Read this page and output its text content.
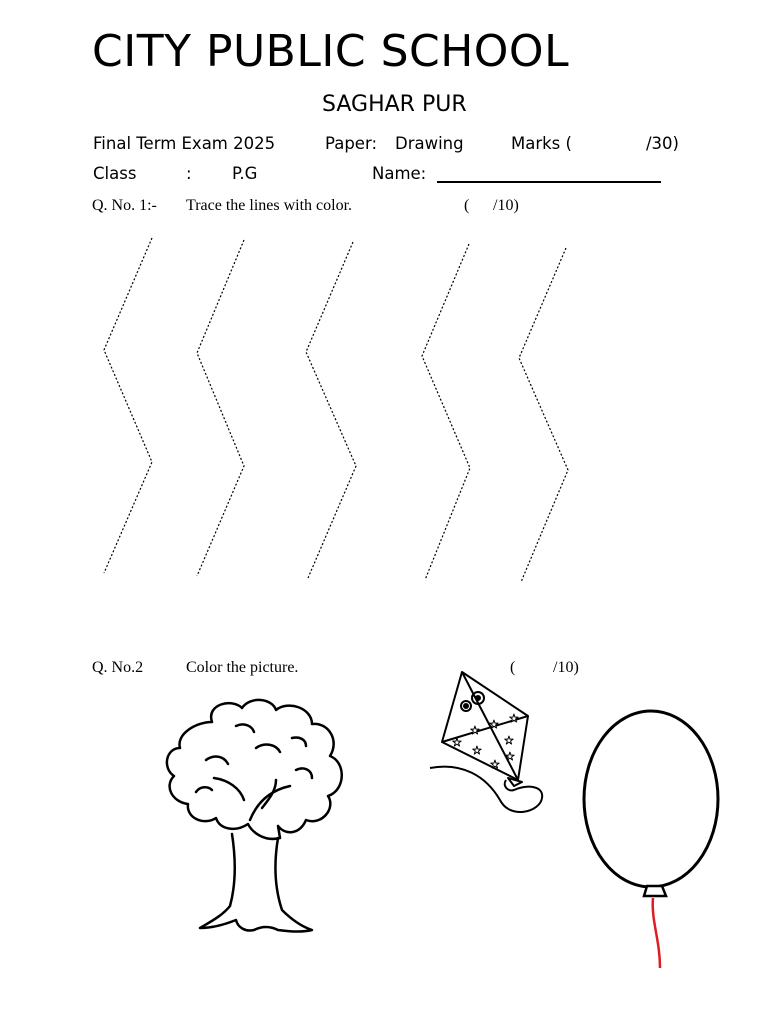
CITY PUBLIC SCHOOL
SAGHAR PUR
Final Term Exam 2025	Paper: Drawing	Marks (	/30)
Class	: P.G	Name:
Q. No. 1:- Trace the lines with color.	( /10)
Q. No.2	Color the picture.	( /10)
★
★
★
★
★
★
★
★
